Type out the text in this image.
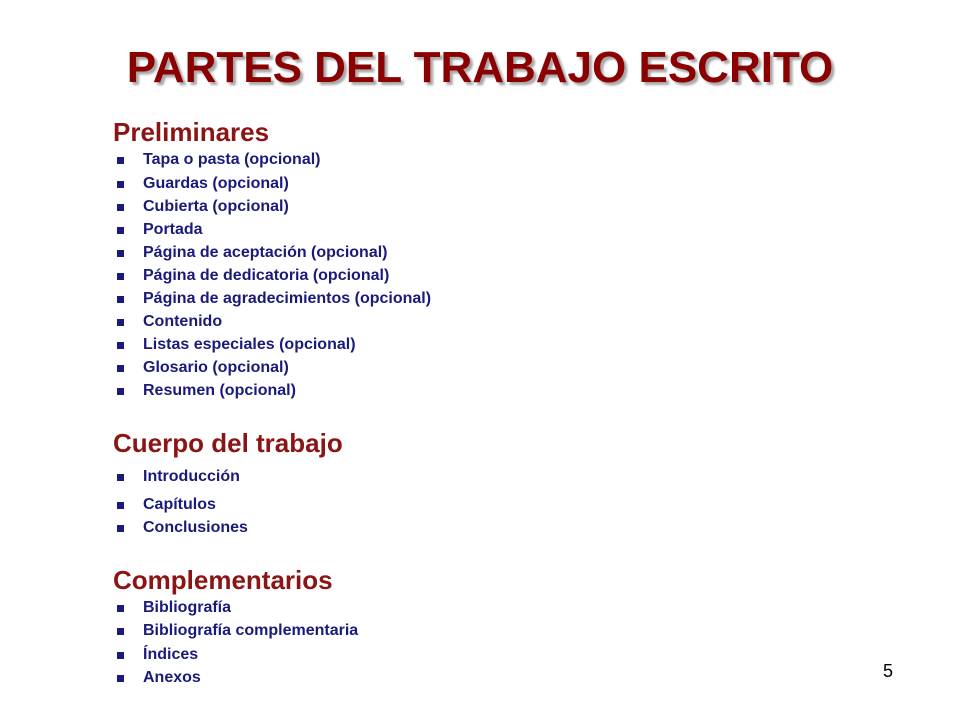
PARTES DEL TRABAJO ESCRITO
Preliminares
Tapa o pasta (opcional)
Guardas (opcional)
Cubierta (opcional)
Portada
Página de aceptación (opcional)
Página de dedicatoria (opcional)
Página de agradecimientos (opcional)
Contenido
Listas especiales (opcional)
Glosario (opcional)
Resumen (opcional)
Cuerpo del trabajo
Introducción
Capítulos
Conclusiones
Complementarios
Bibliografía
Bibliografía complementaria
Índices
Anexos	5
